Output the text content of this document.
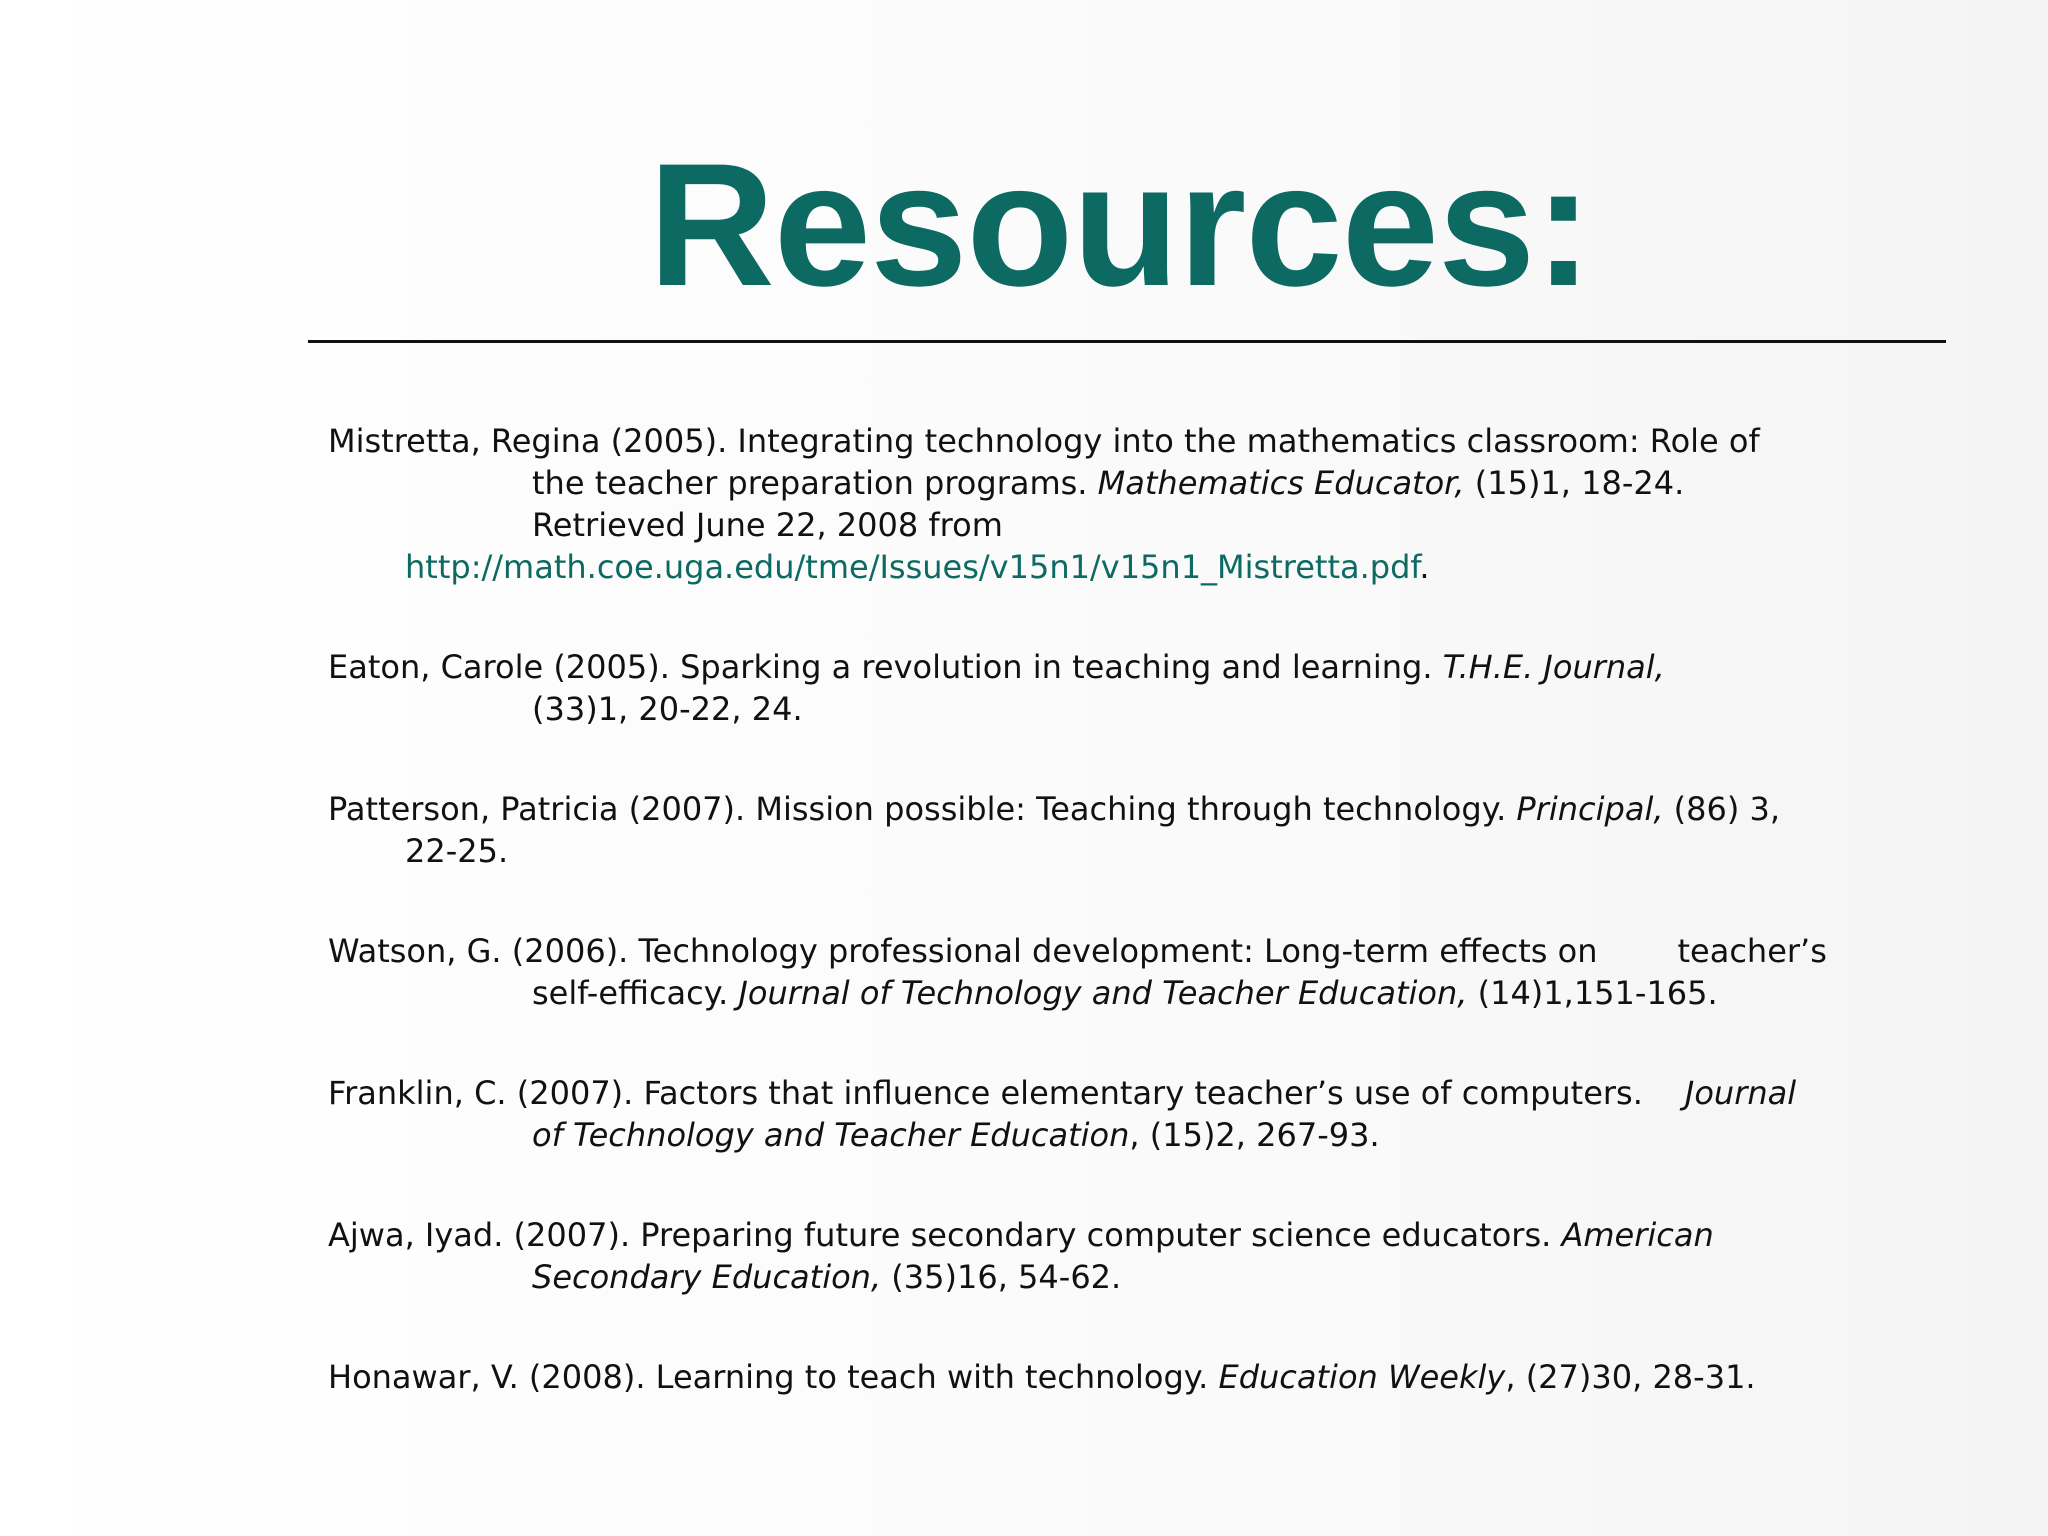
Resources:
Mistretta, Regina (2005). Integrating technology into the mathematics classroom: Role of
the teacher preparation programs. Mathematics Educator, (15)1, 18-24.
Retrieved June 22, 2008 from
http://math.coe.uga.edu/tme/Issues/v15n1/v15n1_Mistretta.pdf.
Eaton, Carole (2005). Sparking a revolution in teaching and learning. T.H.E. Journal,
(33)1, 20-22, 24.
Patterson, Patricia (2007). Mission possible: Teaching through technology. Principal, (86) 3,
22-25.
Watson, G. (2006). Technology professional development: Long-term effects on	teacher’s
self-efficacy. Journal of Technology and Teacher Education, (14)1,151-165.
Franklin, C. (2007). Factors that influence elementary teacher’s use of computers. Journal
of Technology and Teacher Education, (15)2, 267-93.
Ajwa, Iyad. (2007). Preparing future secondary computer science educators. American
Secondary Education, (35)16, 54-62.
Honawar, V. (2008). Learning to teach with technology. Education Weekly, (27)30, 28-31.
